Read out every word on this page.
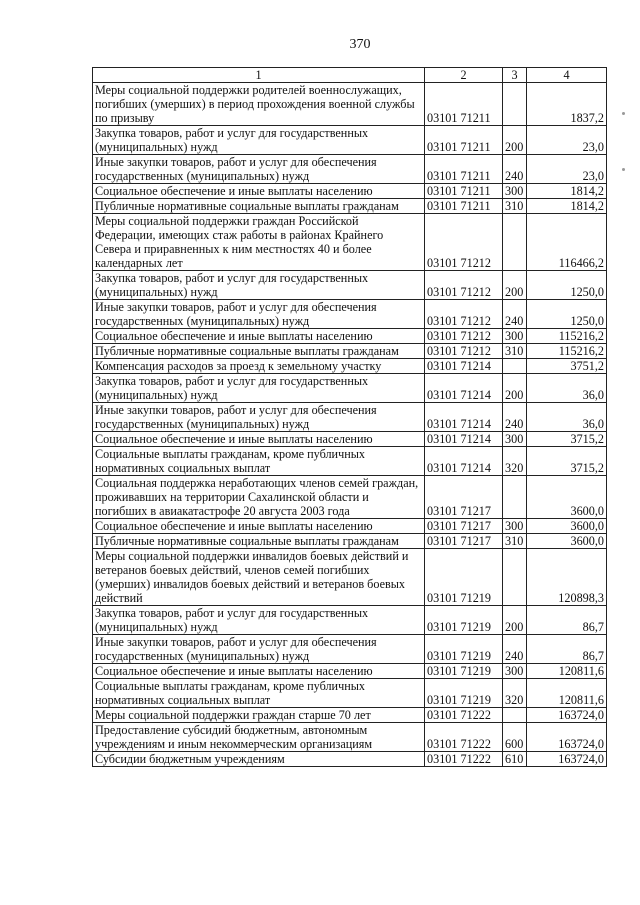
370
1	2	3	4
Меры социальной поддержки родителей военнослужащих, погибших (умерших) в период прохождения военной службы по призыву	03101 71211		1837,2
Закупка товаров, работ и услуг для государственных (муниципальных) нужд	03101 71211	200	23,0
Иные закупки товаров, работ и услуг для обеспечения государственных (муниципальных) нужд	03101 71211	240	23,0
Социальное обеспечение и иные выплаты населению	03101 71211	300	1814,2
Публичные нормативные социальные выплаты гражданам	03101 71211	310	1814,2
Меры социальной поддержки граждан Российской Федерации, имеющих стаж работы в районах Крайнего Севера и приравненных к ним местностях 40 и более календарных лет	03101 71212		116466,2
Закупка товаров, работ и услуг для государственных (муниципальных) нужд	03101 71212	200	1250,0
Иные закупки товаров, работ и услуг для обеспечения государственных (муниципальных) нужд	03101 71212	240	1250,0
Социальное обеспечение и иные выплаты населению	03101 71212	300	115216,2
Публичные нормативные социальные выплаты гражданам	03101 71212	310	115216,2
Компенсация расходов за проезд к земельному участку	03101 71214		3751,2
Закупка товаров, работ и услуг для государственных (муниципальных) нужд	03101 71214	200	36,0
Иные закупки товаров, работ и услуг для обеспечения государственных (муниципальных) нужд	03101 71214	240	36,0
Социальное обеспечение и иные выплаты населению	03101 71214	300	3715,2
Социальные выплаты гражданам, кроме публичных нормативных социальных выплат	03101 71214	320	3715,2
Социальная поддержка неработающих членов семей граждан, проживавших на территории Сахалинской области и погибших в авиакатастрофе 20 августа 2003 года	03101 71217		3600,0
Социальное обеспечение и иные выплаты населению	03101 71217	300	3600,0
Публичные нормативные социальные выплаты гражданам	03101 71217	310	3600,0
Меры социальной поддержки инвалидов боевых действий и ветеранов боевых действий, членов семей погибших (умерших) инвалидов боевых действий и ветеранов боевых действий	03101 71219		120898,3
Закупка товаров, работ и услуг для государственных (муниципальных) нужд	03101 71219	200	86,7
Иные закупки товаров, работ и услуг для обеспечения государственных (муниципальных) нужд	03101 71219	240	86,7
Социальное обеспечение и иные выплаты населению	03101 71219	300	120811,6
Социальные выплаты гражданам, кроме публичных нормативных социальных выплат	03101 71219	320	120811,6
Меры социальной поддержки граждан старше 70 лет	03101 71222		163724,0
Предоставление субсидий бюджетным, автономным учреждениям и иным некоммерческим организациям	03101 71222	600	163724,0
Субсидии бюджетным учреждениям	03101 71222	610	163724,0
